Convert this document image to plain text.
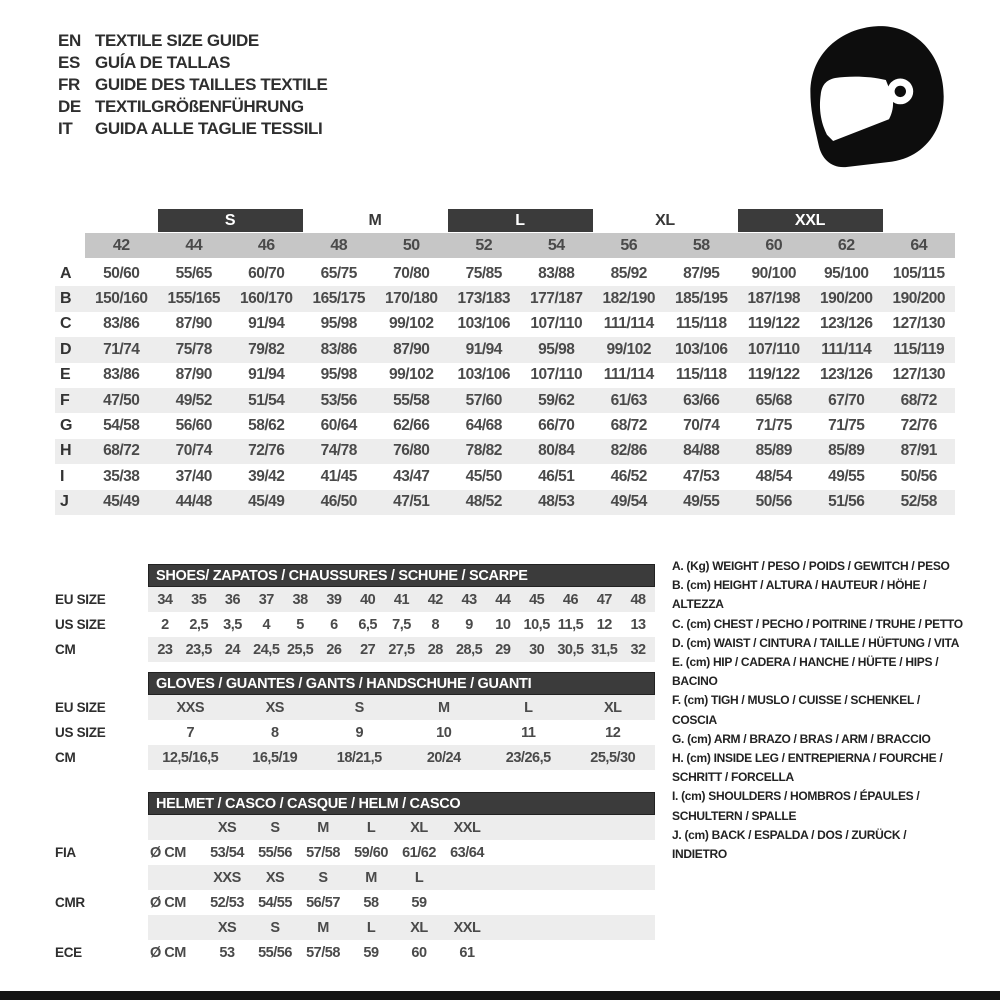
EN TEXTILE SIZE GUIDE
ES GUÍA DE TALLAS
FR GUIDE DES TAILLES TEXTILE
DE TEXTILGRÖßENFÜHRUNG
IT	GUIDA ALLE TAGLIE TESSILI
S	M	L	XL	XXL
42	44	46	48	50	52	54	56	58	60	62	64
A	50/60	55/65	60/70	65/75	70/80	75/85	83/88	85/92	87/95	90/100	95/100	105/115
B	150/160	155/165	160/170	165/175	170/180	173/183	177/187	182/190	185/195	187/198	190/200	190/200
C	83/86	87/90	91/94	95/98	99/102	103/106	107/110	111/114	115/118	119/122	123/126	127/130
D	71/74	75/78	79/82	83/86	87/90	91/94	95/98	99/102	103/106	107/110	111/114	115/119
E	83/86	87/90	91/94	95/98	99/102	103/106	107/110	111/114	115/118	119/122	123/126	127/130
F	47/50	49/52	51/54	53/56	55/58	57/60	59/62	61/63	63/66	65/68	67/70	68/72
G	54/58	56/60	58/62	60/64	62/66	64/68	66/70	68/72	70/74	71/75	71/75	72/76
H	68/72	70/74	72/76	74/78	76/80	78/82	80/84	82/86	84/88	85/89	85/89	87/91
I	35/38	37/40	39/42	41/45	43/47	45/50	46/51	46/52	47/53	48/54	49/55	50/56
J	45/49	44/48	45/49	46/50	47/51	48/52	48/53	49/54	49/55	50/56	51/56	52/58
SHOES/ ZAPATOS / CHAUSSURES / SCHUHE / SCARPE
EU SIZE	34	35	36	37	38	39	40	41	42	43	44	45	46	47	48
US SIZE	2	2,5	3,5	4	5	6	6,5	7,5	8	9	10 10,5 11,5 12	13
CM	23 23,5 24 24,5 25,5 26	27 27,5 28 28,5 29	30 30,5 31,5 32
GLOVES / GUANTES / GANTS / HANDSCHUHE / GUANTI
EU SIZE	XXS	XS	S	M	L	XL
US SIZE	7	8	9	10	11	12
CM	12,5/16,5	16,5/19	18/21,5	20/24	23/26,5	25,5/30
HELMET / CASCO / CASQUE / HELM / CASCO
XS	S	M	L	XL	XXL
FIA	Ø CM	53/54 55/56 57/58 59/60 61/62 63/64
XXS	XS	S	M	L
CMR	Ø CM	52/53 54/55 56/57	58	59
XS	S	M	L	XL	XXL
ECE	Ø CM	53	55/56 57/58	59	60	61
A. (Kg) WEIGHT / PESO / POIDS / GEWITCH / PESO
B. (cm) HEIGHT / ALTURA / HAUTEUR / HÖHE / ALTEZZA
C. (cm) CHEST / PECHO / POITRINE / TRUHE / PETTO
D. (cm) WAIST / CINTURA / TAILLE / HÜFTUNG / VITA
E. (cm) HIP / CADERA / HANCHE / HÜFTE / HIPS / BACINO
F. (cm) TIGH / MUSLO / CUISSE / SCHENKEL / COSCIA
G. (cm) ARM / BRAZO / BRAS / ARM / BRACCIO
H. (cm) INSIDE LEG / ENTREPIERNA / FOURCHE / SCHRITT / FORCELLA
I. (cm) SHOULDERS / HOMBROS / ÉPAULES / SCHULTERN / SPALLE
J. (cm) BACK / ESPALDA / DOS / ZURÜCK / INDIETRO
